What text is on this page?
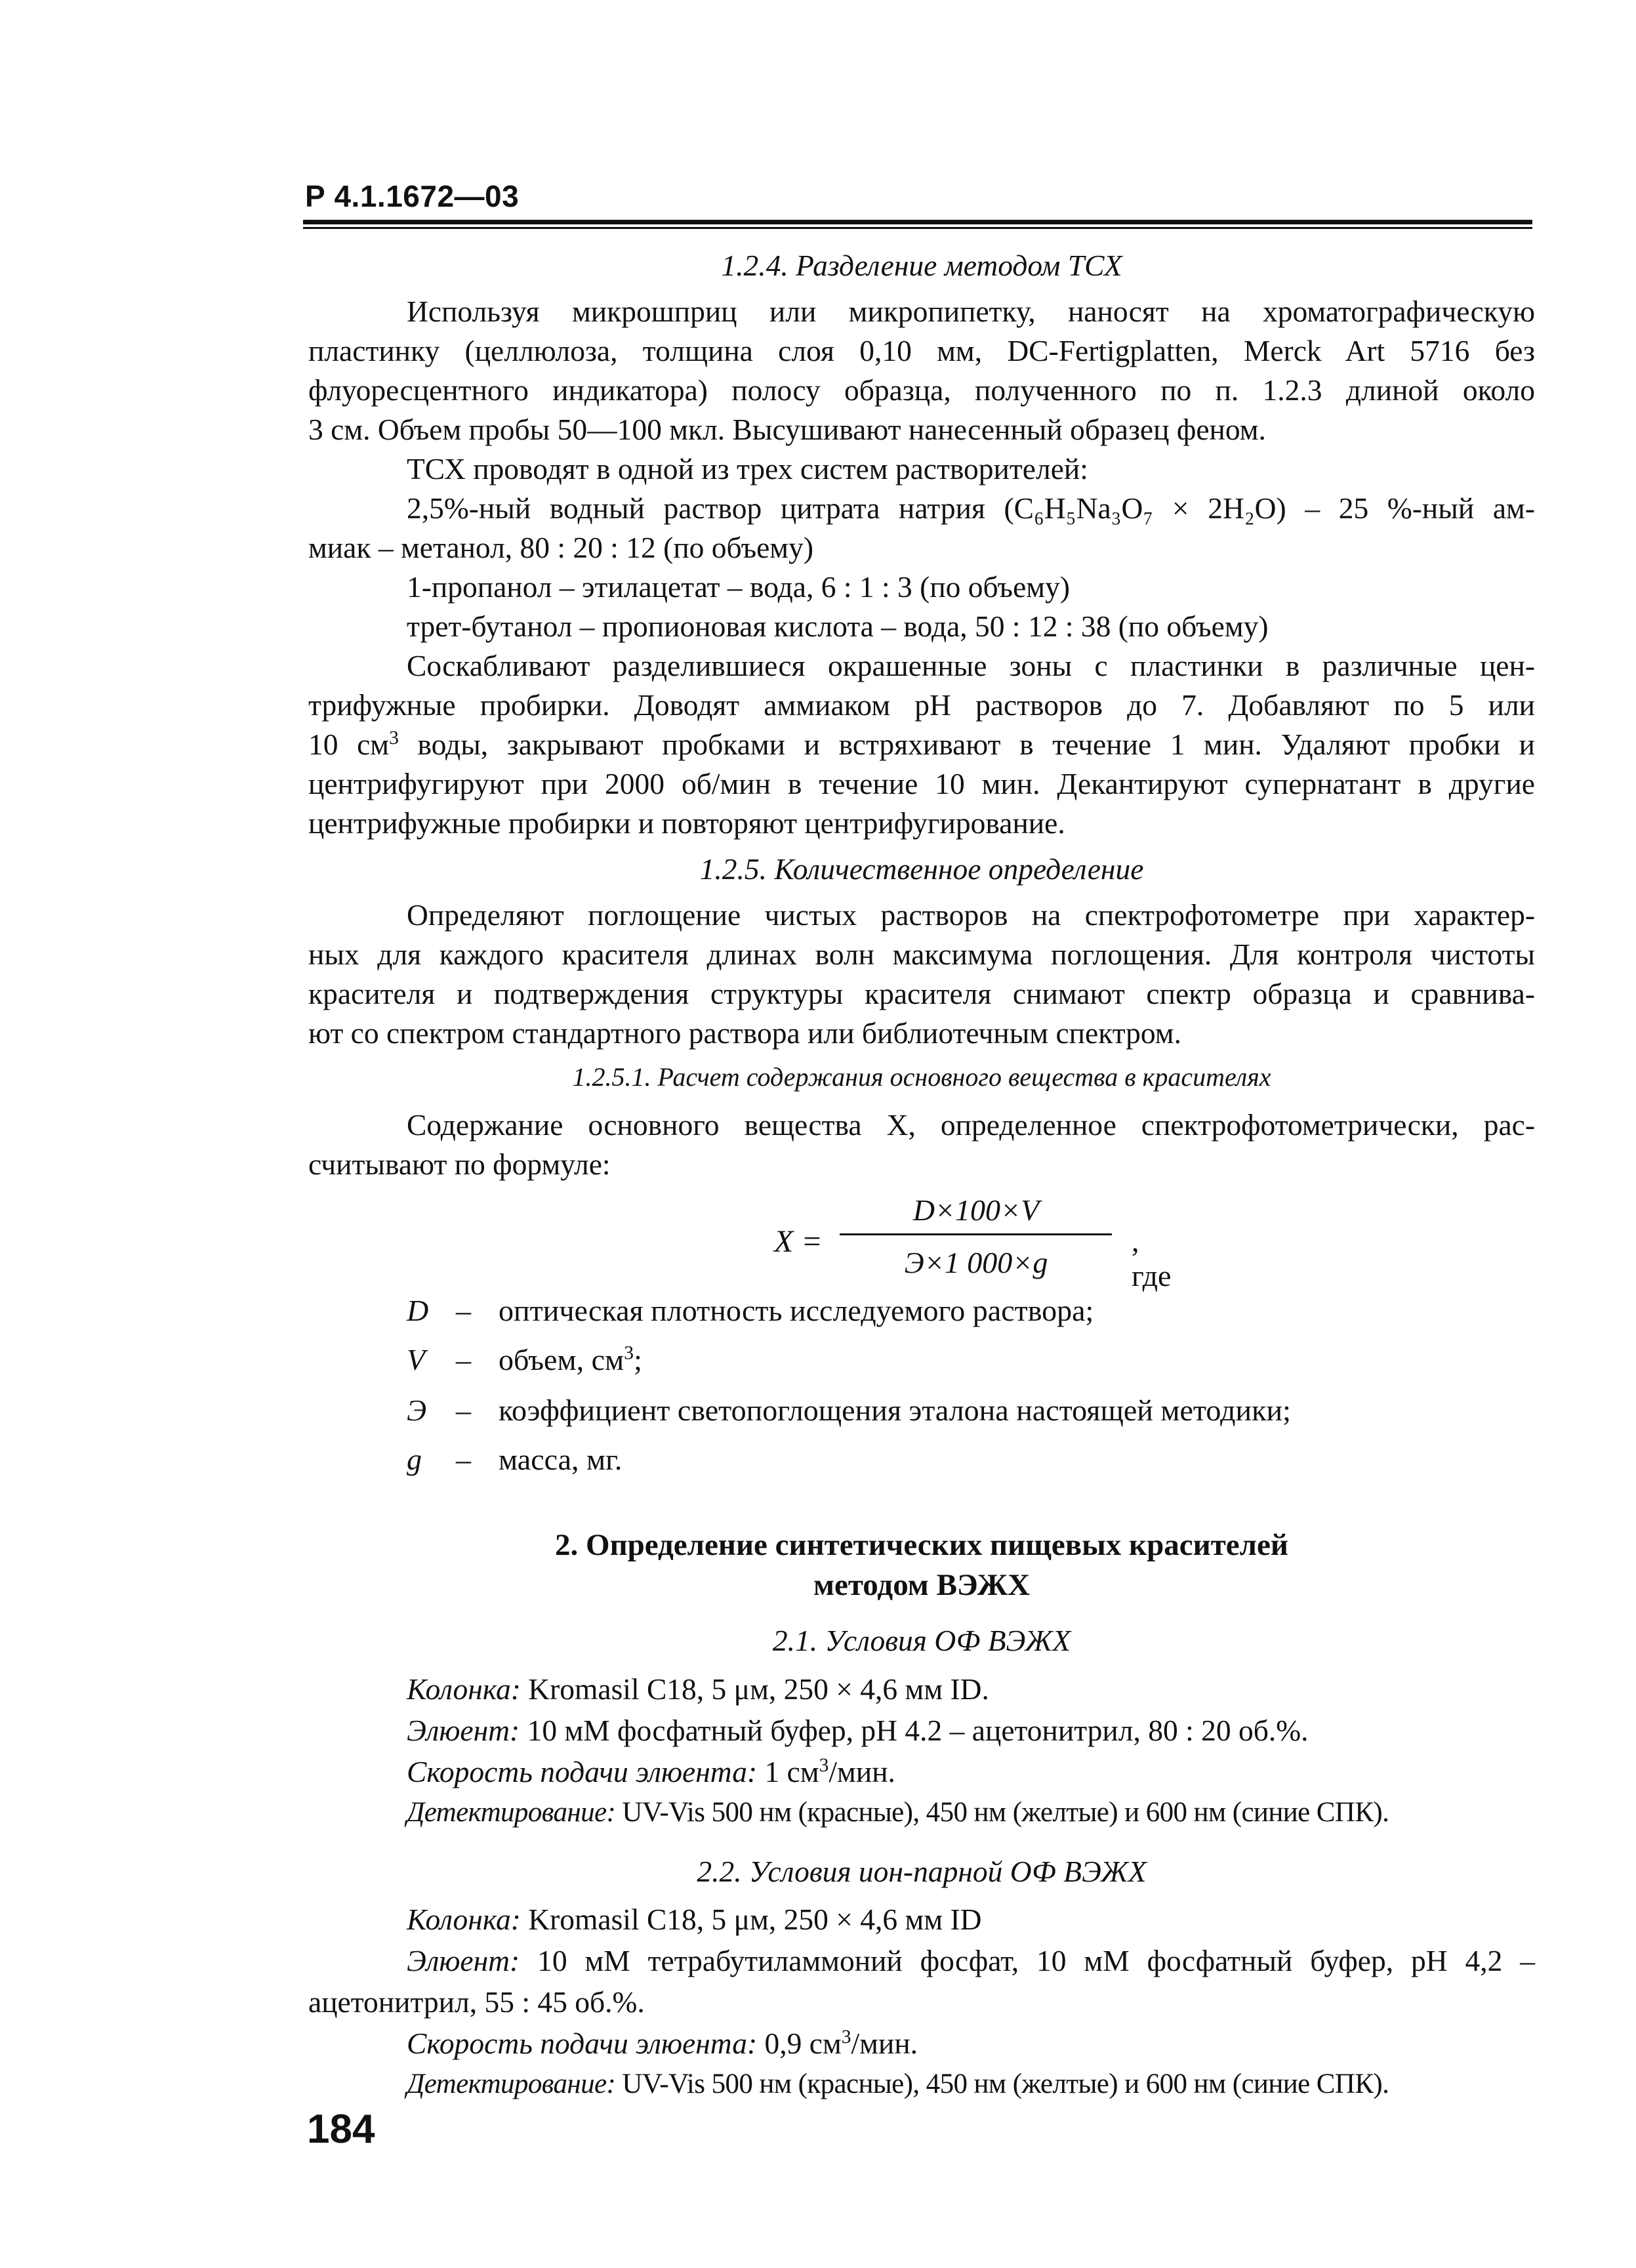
Р 4.1.1672—03
1.2.4. Разделение методом ТСХ
Используя микрошприц или микропипетку, наносят на хроматографическую
пластинку (целлюлоза, толщина слоя 0,10 мм, DC-Fertigplatten, Merck Art 5716 без
флуоресцентного индикатора) полосу образца, полученного по п. 1.2.3 длиной около
3 см. Объем пробы 50—100 мкл. Высушивают нанесенный образец феном.
ТСХ проводят в одной из трех систем растворителей:
2,5%-ный водный раствор цитрата натрия (C₆H₅Na₃O₇ × 2H₂O) – 25 %-ный ам-
миак – метанол, 80 : 20 : 12 (по объему)
1-пропанол – этилацетат – вода, 6 : 1 : 3 (по объему)
трет-бутанол – пропионовая кислота – вода, 50 : 12 : 38 (по объему)
Соскабливают разделившиеся окрашенные зоны с пластинки в различные цен-
трифужные пробирки. Доводят аммиаком pH растворов до 7. Добавляют по 5 или
10 $см^3$ воды, закрывают пробками и встряхивают в течение 1 мин. Удаляют пробки и
центрифугируют при 2000 об/мин в течение 10 мин. Декантируют супернатант в другие
центрифужные пробирки и повторяют центрифугирование.
1.2.5. Количественное определение
Определяют поглощение чистых растворов на спектрофотометре при характер-
ных для каждого красителя длинах волн максимума поглощения. Для контроля чистоты
красителя и подтверждения структуры красителя снимают спектр образца и сравнива-
ют со спектром стандартного раствора или библиотечным спектром.
1.2.5.1. Расчет содержания основного вещества в красителях
Содержание основного вещества X, определенное спектрофотометрически, рас-
считывают по формуле:
X =
D×100×V
Э×1 000×g
, где
D – оптическая плотность исследуемого раствора;
V	– объем, $см^3$;
Э – коэффициент светопоглощения эталона настоящей методики;
g	– масса, мг.
2. Определение синтетических пищевых красителей
методом ВЭЖХ
2.1. Условия ОФ ВЭЖХ
Колонка: Kromasil C18, 5 μм, 250 × 4,6 мм ID.
Элюент: 10 мМ фосфатный буфер, pH 4.2 – ацетонитрил, 80 : 20 об.%.
Скорость подачи элюента: 1 $см^3$/мин.
Детектирование: UV-Vis 500 нм (красные), 450 нм (желтые) и 600 нм (синие СПК).
2.2. Условия ион-парной ОФ ВЭЖХ
Колонка: Kromasil C18, 5 μм, 250 × 4,6 мм ID
Элюент: 10 мМ тетрабутиламмоний фосфат, 10 мМ фосфатный буфер, pH 4,2 –
ацетонитрил, 55 : 45 об.%.
Скорость подачи элюента: 0,9 $см^3$/мин.
Детектирование: UV-Vis 500 нм (красные), 450 нм (желтые) и 600 нм (синие СПК).
184
